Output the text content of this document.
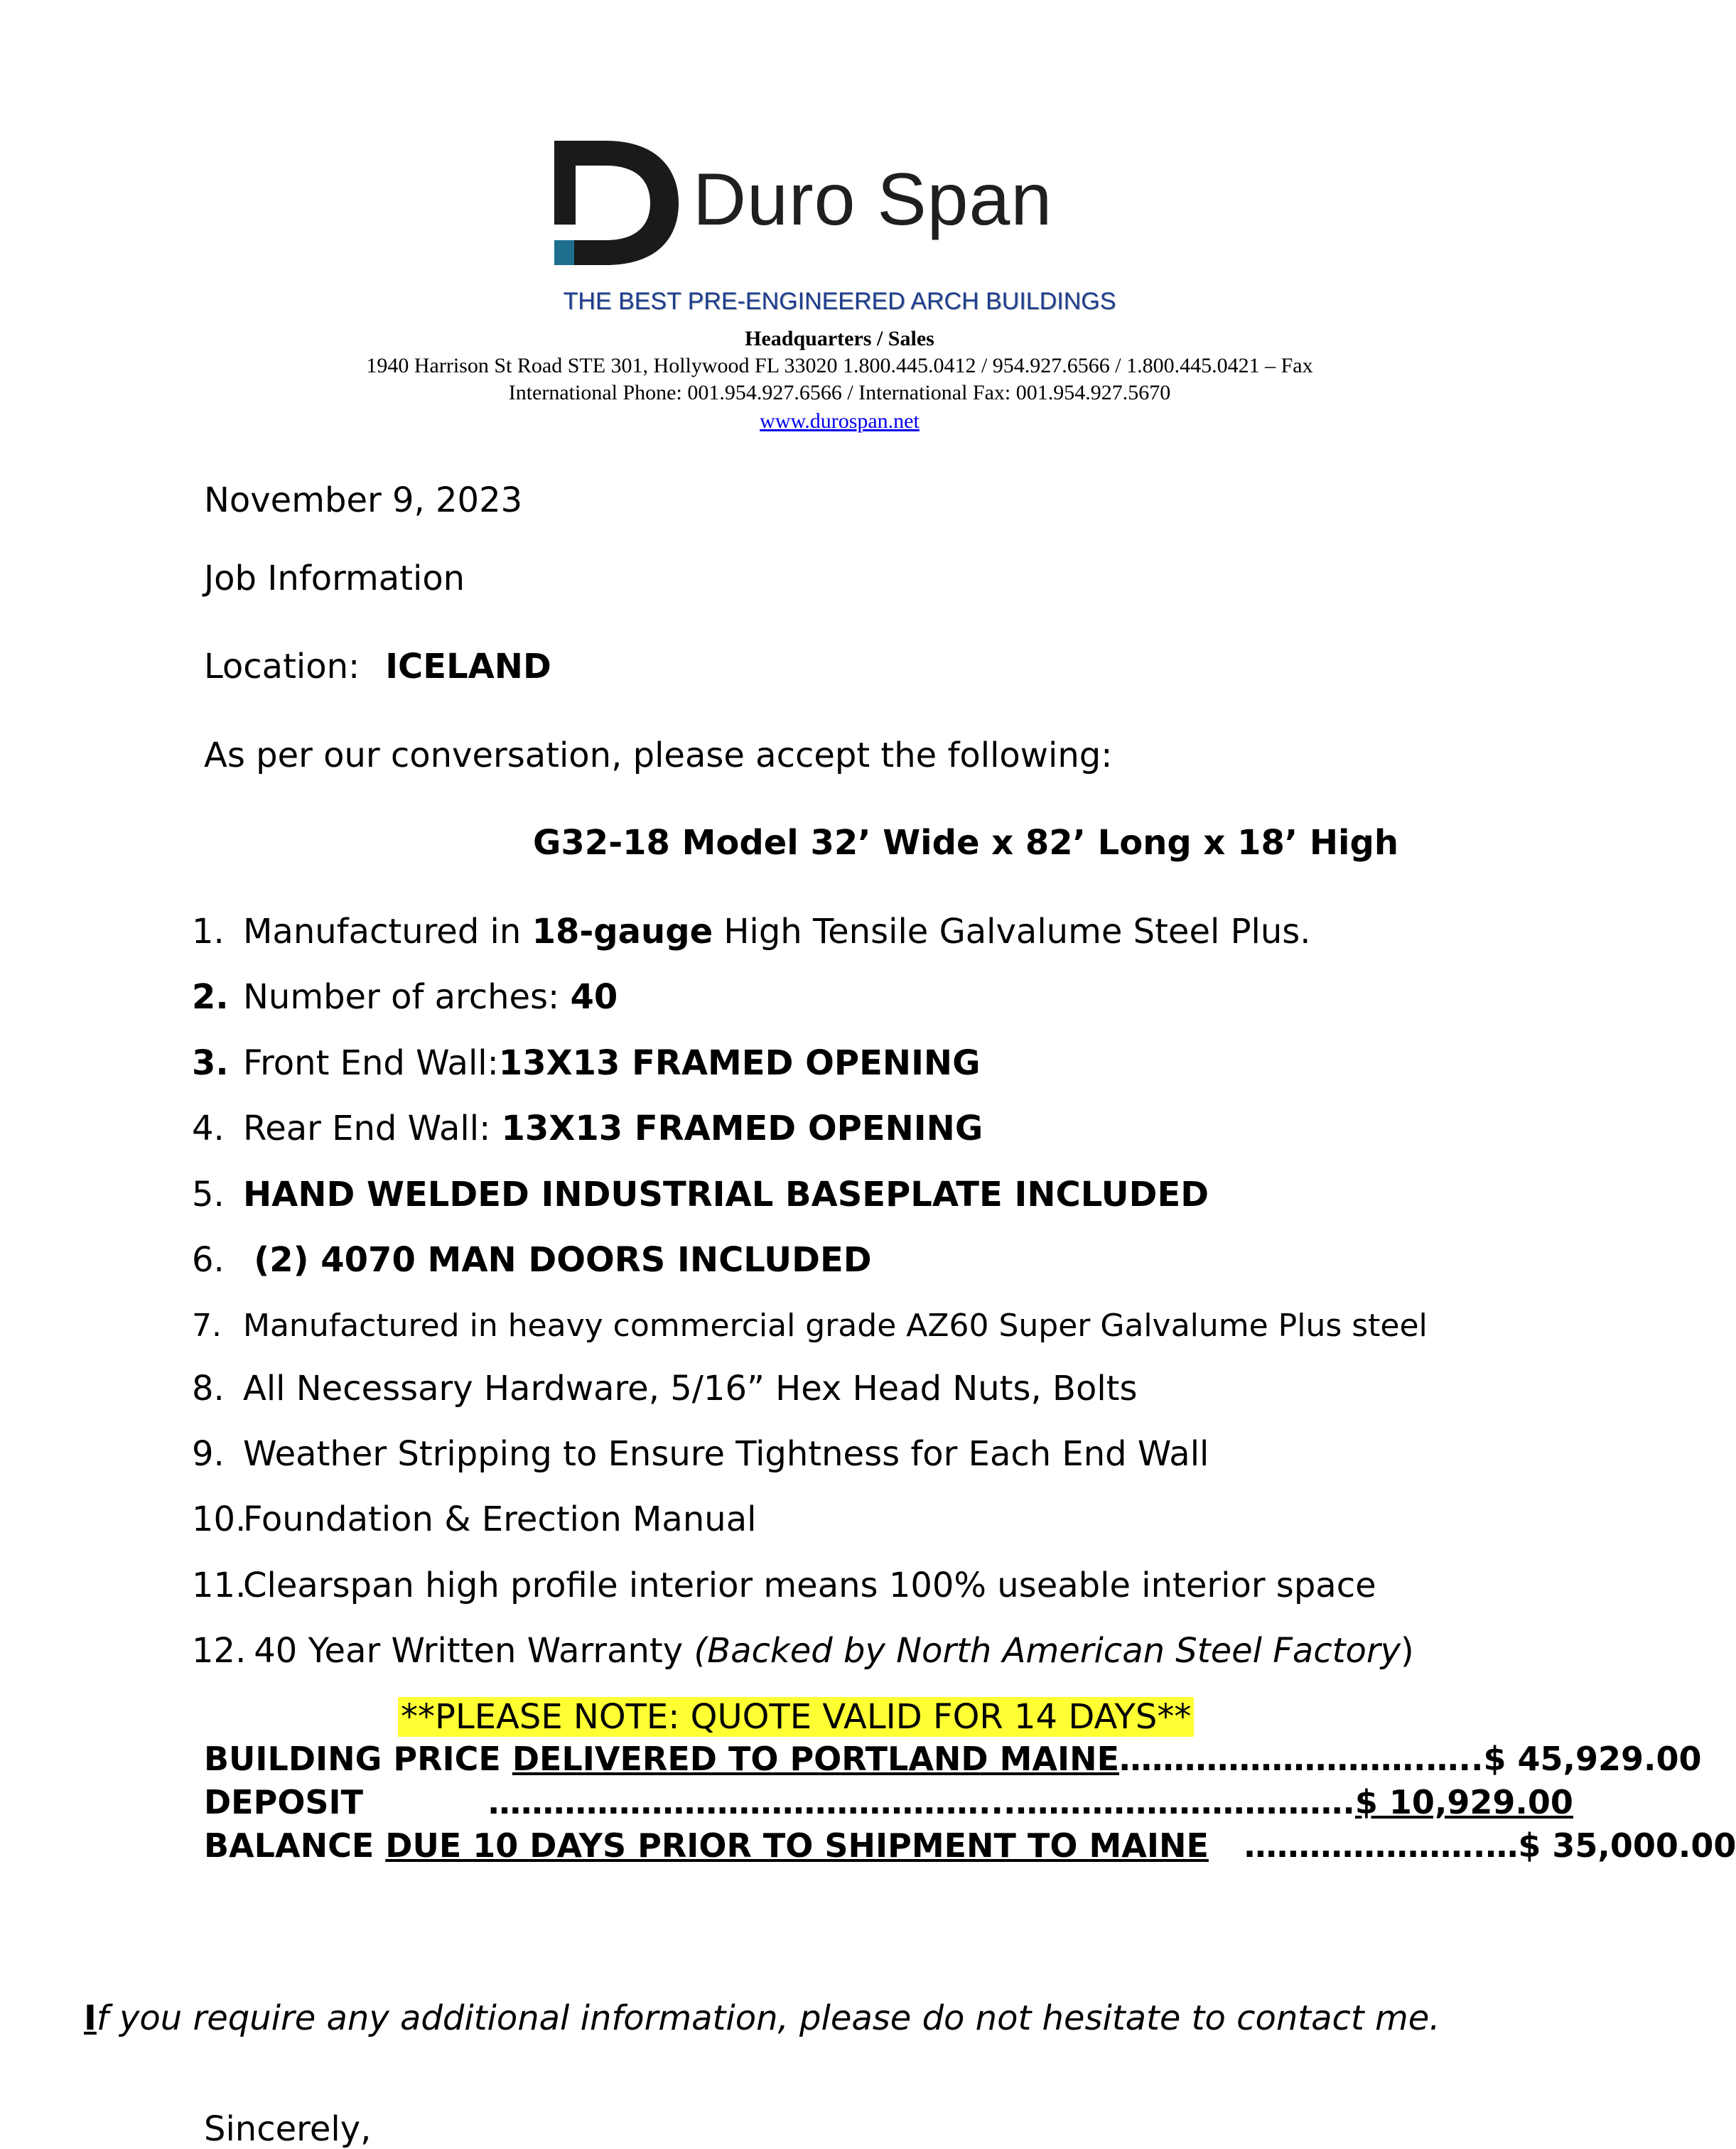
Duro Span
THE BEST PRE-ENGINEERED ARCH BUILDINGS
Headquarters / Sales
1940 Harrison St Road STE 301, Hollywood FL 33020 1.800.445.0412 / 954.927.6566 / 1.800.445.0421 – Fax
International Phone: 001.954.927.6566 / International Fax: 001.954.927.5670
www.durospan.net
November 9, 2023
Job Information
Location: ICELAND
As per our conversation, please accept the following:
G32-18 Model 32’ Wide x 82’ Long x 18’ High
1. Manufactured in 18-gauge High Tensile Galvalume Steel Plus.
2. Number of arches: 40
3. Front End Wall:13X13 FRAMED OPENING
4. Rear End Wall: 13X13 FRAMED OPENING
5. HAND WELDED INDUSTRIAL BASEPLATE INCLUDED
6. (2) 4070 MAN DOORS INCLUDED
7. Manufactured in heavy commercial grade AZ60 Super Galvalume Plus steel
8. All Necessary Hardware, 5/16” Hex Head Nuts, Bolts
9. Weather Stripping to Ensure Tightness for Each End Wall
10.Foundation & Erection Manual
11.Clearspan high profile interior means 100% useable interior space
12. 40 Year Written Warranty (Backed by North American Steel Factory)
**PLEASE NOTE: QUOTE VALID FOR 14 DAYS**
BUILDING PRICE DELIVERED TO PORTLAND MAINE……………………….…..$ 45,929.00
DEPOSIT	………………………………………...………………………….$ 10,929.00
BALANCE DUE 10 DAYS PRIOR TO SHIPMENT TO MAINE ………………….…$ 35,000.00
If you require any additional information, please do not hesitate to contact me.
Sincerely,
